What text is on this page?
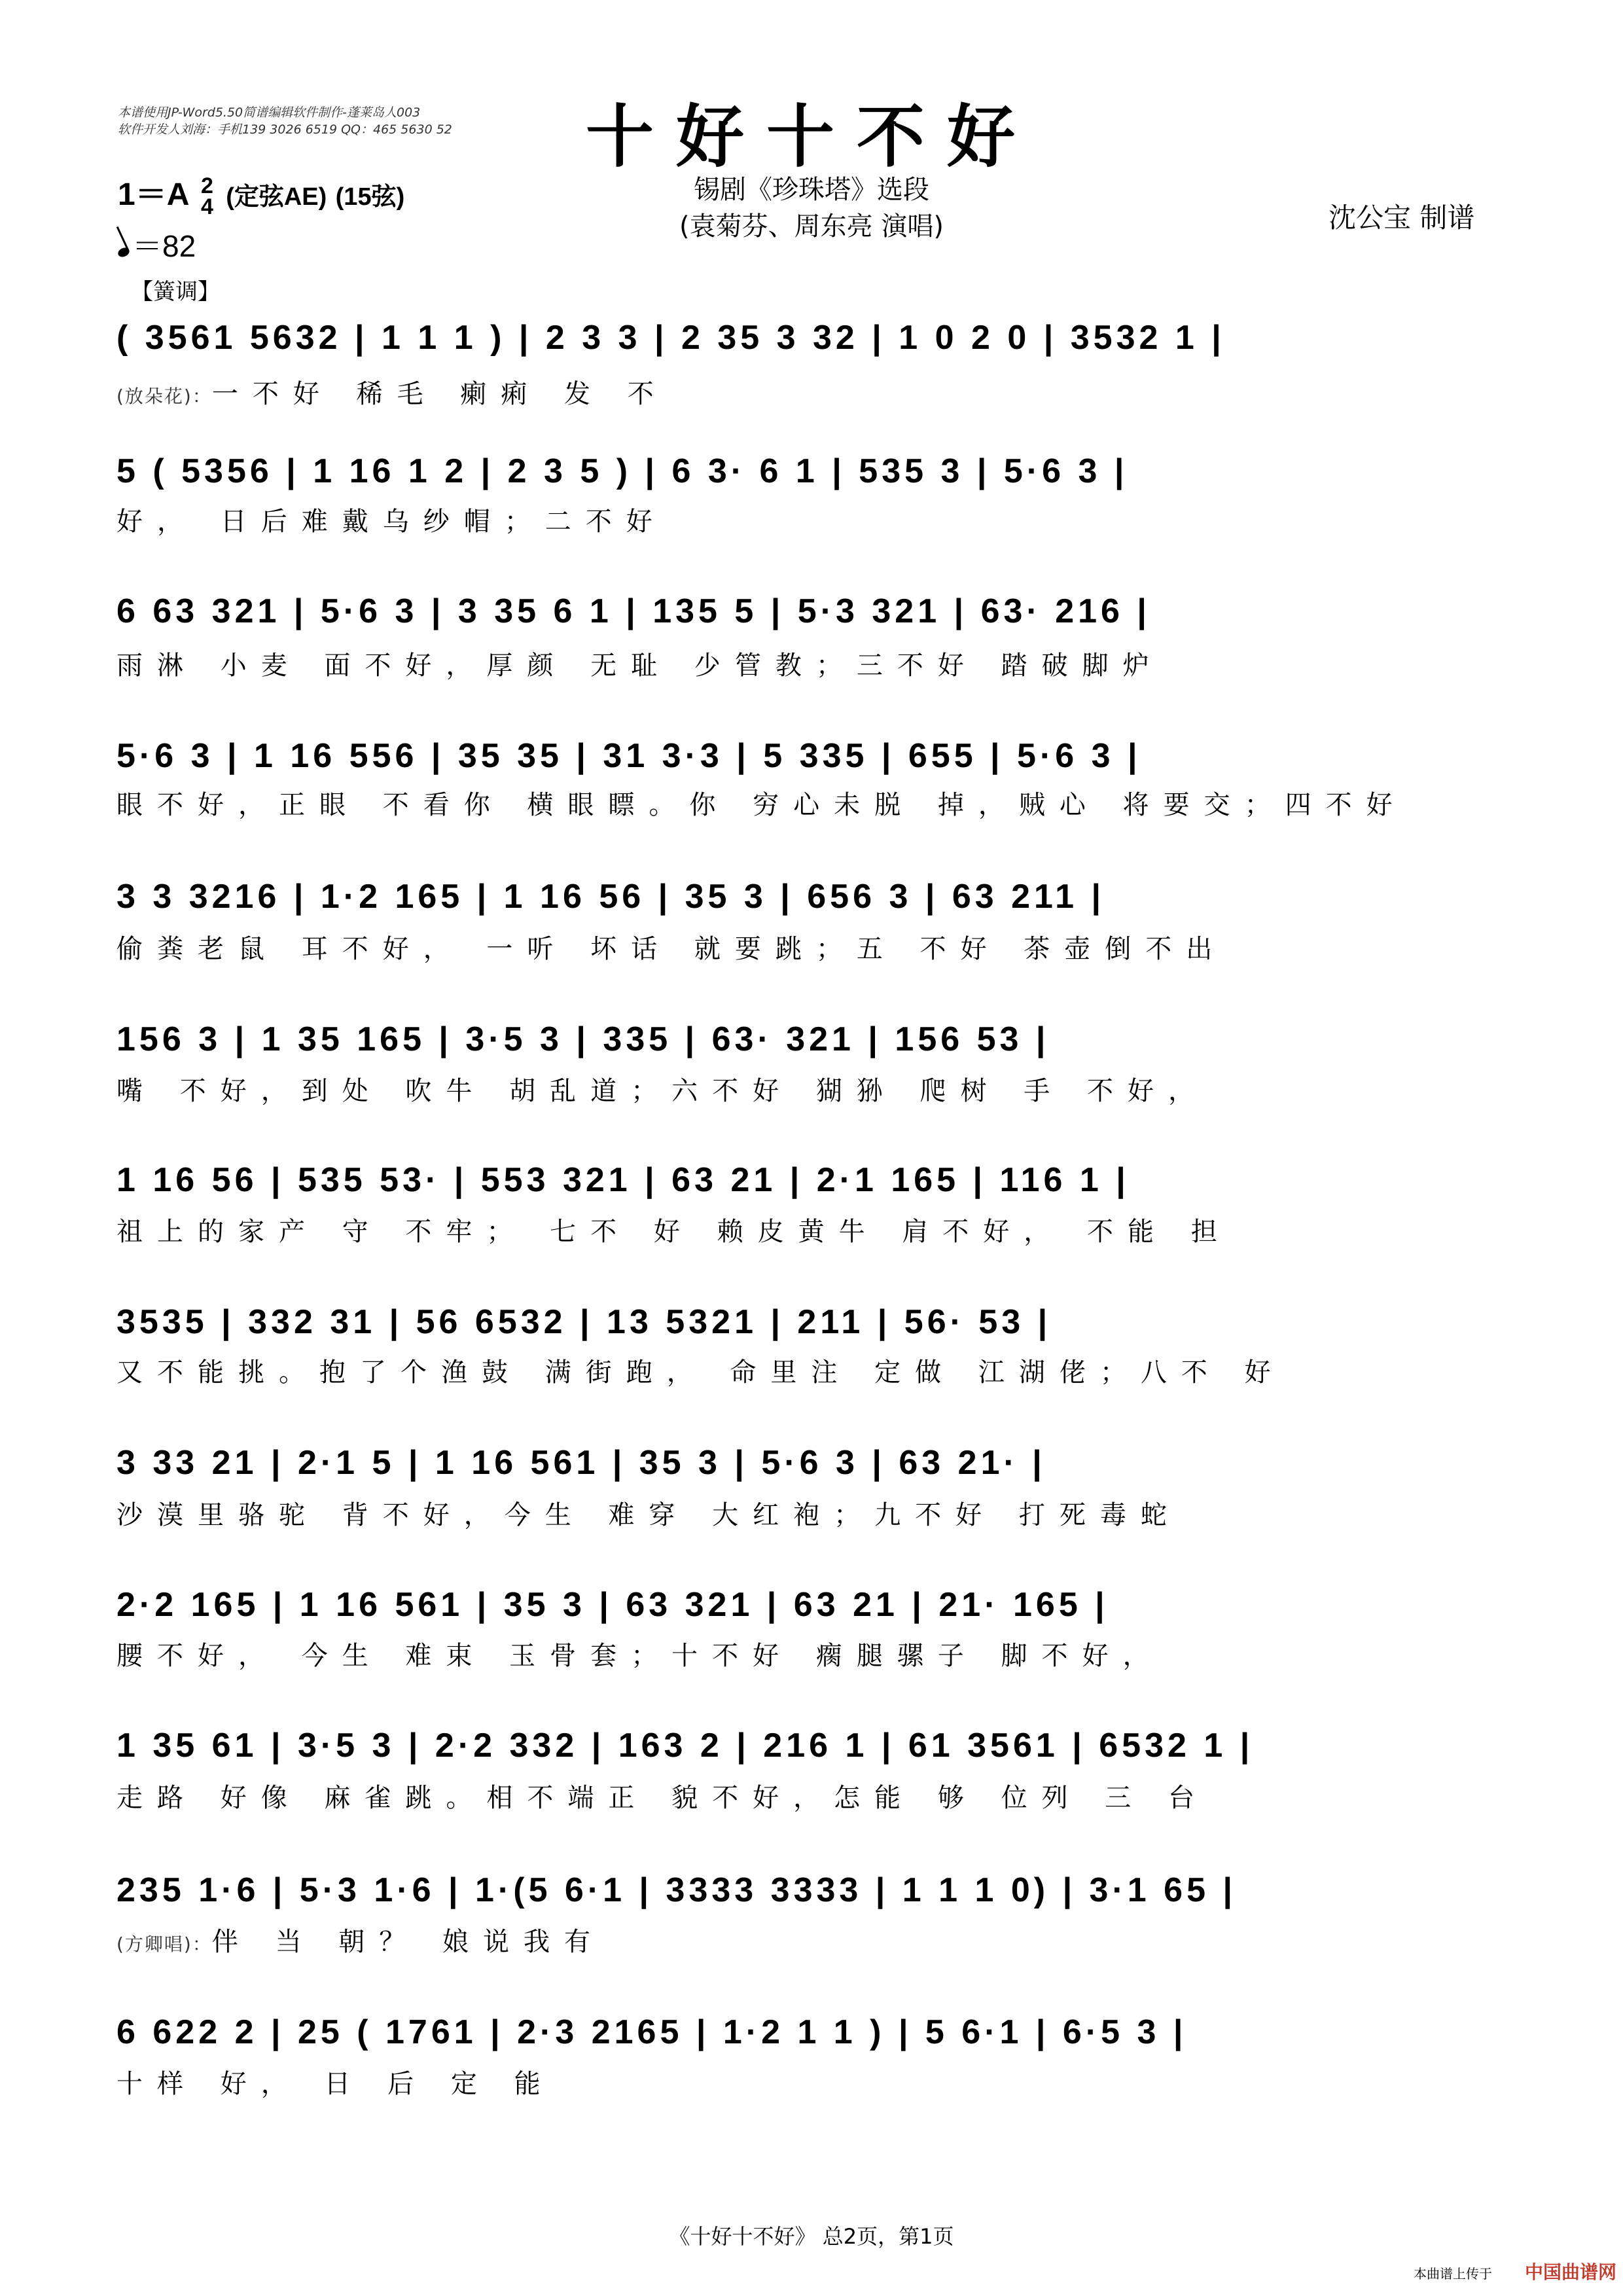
本谱使用JP-Word5.50简谱编辑软件制作-蓬莱岛人003
软件开发人刘海：手机139 3026 6519 QQ：465 5630 52	十好十不好
1＝A 2
4 (定弦AE) (15弦)
＝82
锡剧《珍珠塔》选段
(袁菊芬、周东亮 演唱)	沈公宝 制谱
【簧调】
( 3561 5632 | 1 1 1 ) | 2 3 3 | 2 35 3 32 | 1 0 2 0 | 3532 1 |
(放朵花)：一不好 稀毛 瘌痢 发 不
5 ( 5356 | 1 16 1 2 | 2 3 5 ) | 6 3· 6 1 | 535 3 | 5·6 3 |
好， 日后难戴乌纱帽；二不好
6 63 321 | 5·6 3 | 3 35 6 1 | 135 5 | 5·3 321 | 63· 216 |
雨淋 小麦 面不好，厚颜 无耻 少管教；三不好 踏破脚炉
5·6 3 | 1 16 556 | 35 35 | 31 3·3 | 5 335 | 655 | 5·6 3 |
眼不好，正眼 不看你 横眼瞟。你 穷心未脱 掉，贼心 将要交；四不好
3 3 3216 | 1·2 165 | 1 16 56 | 35 3 | 656 3 | 63 211 |
偷粪老鼠 耳不好， 一听 坏话 就要跳；五 不好 茶壶倒不出
156 3 | 1 35 165 | 3·5 3 | 335 | 63· 321 | 156 53 |
嘴 不好，到处 吹牛 胡乱道；六不好 猢狲 爬树 手 不好，
1 16 56 | 535 53· | 553 321 | 63 21 | 2·1 165 | 116 1 |
祖上的家产 守 不牢； 七不 好 赖皮黄牛 肩不好， 不能 担
3535 | 332 31 | 56 6532 | 13 5321 | 211 | 56· 53 |
又不能挑。抱了个渔鼓 满街跑， 命里注 定做 江湖佬；八不 好
3 33 21 | 2·1 5 | 1 16 561 | 35 3 | 5·6 3 | 63 21· |
沙漠里骆驼 背不好，今生 难穿 大红袍；九不好 打死毒蛇
2·2 165 | 1 16 561 | 35 3 | 63 321 | 63 21 | 21· 165 |
腰不好， 今生 难束 玉骨套；十不好 瘸腿骡子 脚不好，
1 35 61 | 3·5 3 | 2·2 332 | 163 2 | 216 1 | 61 3561 | 6532 1 |
走路 好像 麻雀跳。相不端正 貌不好，怎能 够 位列 三 台
235 1·6 | 5·3 1·6 | 1·(5 6·1 | 3333 3333 | 1 1 1 0) | 3·1 65 |
(方卿唱)：伴 当 朝？ 娘说我有
6 622 2 | 25 ( 1761 | 2·3 2165 | 1·2 1 1 ) | 5 6·1 | 6·5 3 |
十样 好， 日 后 定 能
《十好十不好》 总2页，第1页
本曲谱上传于 中国曲谱网
